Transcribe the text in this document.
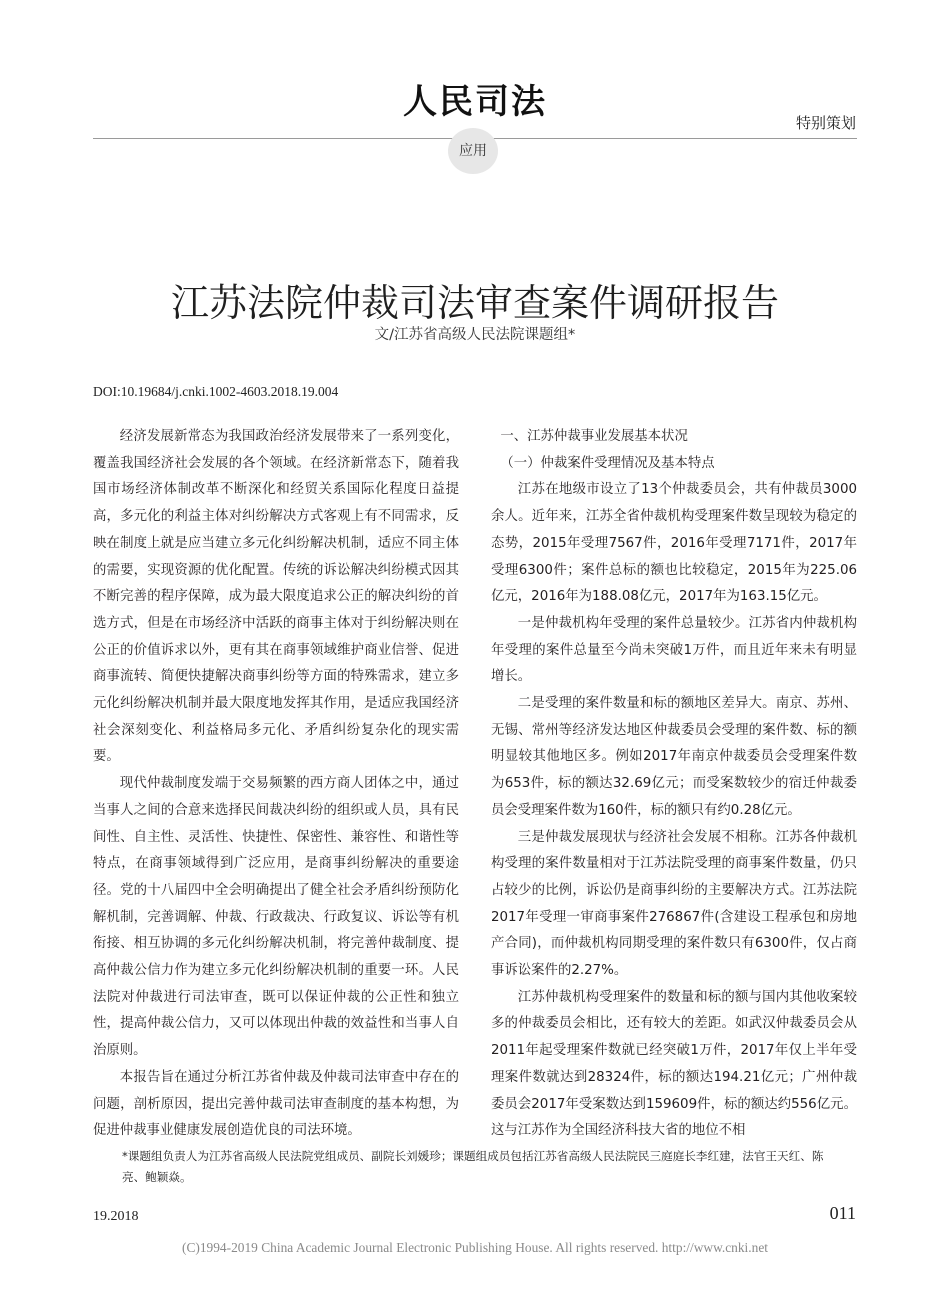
人民司法
特别策划
应用
江苏法院仲裁司法审查案件调研报告
文/江苏省高级人民法院课题组*
DOI:10.19684/j.cnki.1002-4603.2018.19.004

经济发展新常态为我国政治经济发展带来了一系列变化，覆盖我国经济社会发展的各个领域。在经济新常态下，随着我国市场经济体制改革不断深化和经贸关系国际化程度日益提高，多元化的利益主体对纠纷解决方式客观上有不同需求，反映在制度上就是应当建立多元化纠纷解决机制，适应不同主体的需要，实现资源的优化配置。传统的诉讼解决纠纷模式因其不断完善的程序保障，成为最大限度追求公正的解决纠纷的首选方式，但是在市场经济中活跃的商事主体对于纠纷解决则在公正的价值诉求以外，更有其在商事领域维护商业信誉、促进商事流转、简便快捷解决商事纠纷等方面的特殊需求，建立多元化纠纷解决机制并最大限度地发挥其作用，是适应我国经济社会深刻变化、利益格局多元化、矛盾纠纷复杂化的现实需要。

现代仲裁制度发端于交易频繁的西方商人团体之中，通过当事人之间的合意来选择民间裁决纠纷的组织或人员，具有民间性、自主性、灵活性、快捷性、保密性、兼容性、和谐性等特点，在商事领域得到广泛应用，是商事纠纷解决的重要途径。党的十八届四中全会明确提出了健全社会矛盾纠纷预防化解机制，完善调解、仲裁、行政裁决、行政复议、诉讼等有机衔接、相互协调的多元化纠纷解决机制，将完善仲裁制度、提高仲裁公信力作为建立多元化纠纷解决机制的重要一环。人民法院对仲裁进行司法审查，既可以保证仲裁的公正性和独立性，提高仲裁公信力，又可以体现出仲裁的效益性和当事人自治原则。

本报告旨在通过分析江苏省仲裁及仲裁司法审查中存在的问题，剖析原因，提出完善仲裁司法审查制度的基本构想，为促进仲裁事业健康发展创造优良的司法环境。

一、江苏仲裁事业发展基本状况

（一）仲裁案件受理情况及基本特点

江苏在地级市设立了13个仲裁委员会，共有仲裁员3000余人。近年来，江苏全省仲裁机构受理案件数呈现较为稳定的态势，2015年受理7567件，2016年受理7171件，2017年受理6300件；案件总标的额也比较稳定，2015年为225.06亿元，2016年为188.08亿元，2017年为163.15亿元。

一是仲裁机构年受理的案件总量较少。江苏省内仲裁机构年受理的案件总量至今尚未突破1万件，而且近年来未有明显增长。

二是受理的案件数量和标的额地区差异大。南京、苏州、无锡、常州等经济发达地区仲裁委员会受理的案件数、标的额明显较其他地区多。例如2017年南京仲裁委员会受理案件数为653件，标的额达32.69亿元；而受案数较少的宿迁仲裁委员会受理案件数为160件，标的额只有约0.28亿元。

三是仲裁发展现状与经济社会发展不相称。江苏各仲裁机构受理的案件数量相对于江苏法院受理的商事案件数量，仍只占较少的比例，诉讼仍是商事纠纷的主要解决方式。江苏法院2017年受理一审商事案件276867件(含建设工程承包和房地产合同)，而仲裁机构同期受理的案件数只有6300件，仅占商事诉讼案件的2.27%。

江苏仲裁机构受理案件的数量和标的额与国内其他收案较多的仲裁委员会相比，还有较大的差距。如武汉仲裁委员会从2011年起受理案件数就已经突破1万件，2017年仅上半年受理案件数就达到28324件，标的额达194.21亿元；广州仲裁委员会2017年受案数达到159609件，标的额达约556亿元。这与江苏作为全国经济科技大省的地位不相

*课题组负责人为江苏省高级人民法院党组成员、副院长刘媛珍；课题组成员包括江苏省高级人民法院民三庭庭长李红建，法官王天红、陈亮、鲍颖焱。
19.2018	011
(C)1994-2019 China Academic Journal Electronic Publishing House. All rights reserved. http://www.cnki.net
